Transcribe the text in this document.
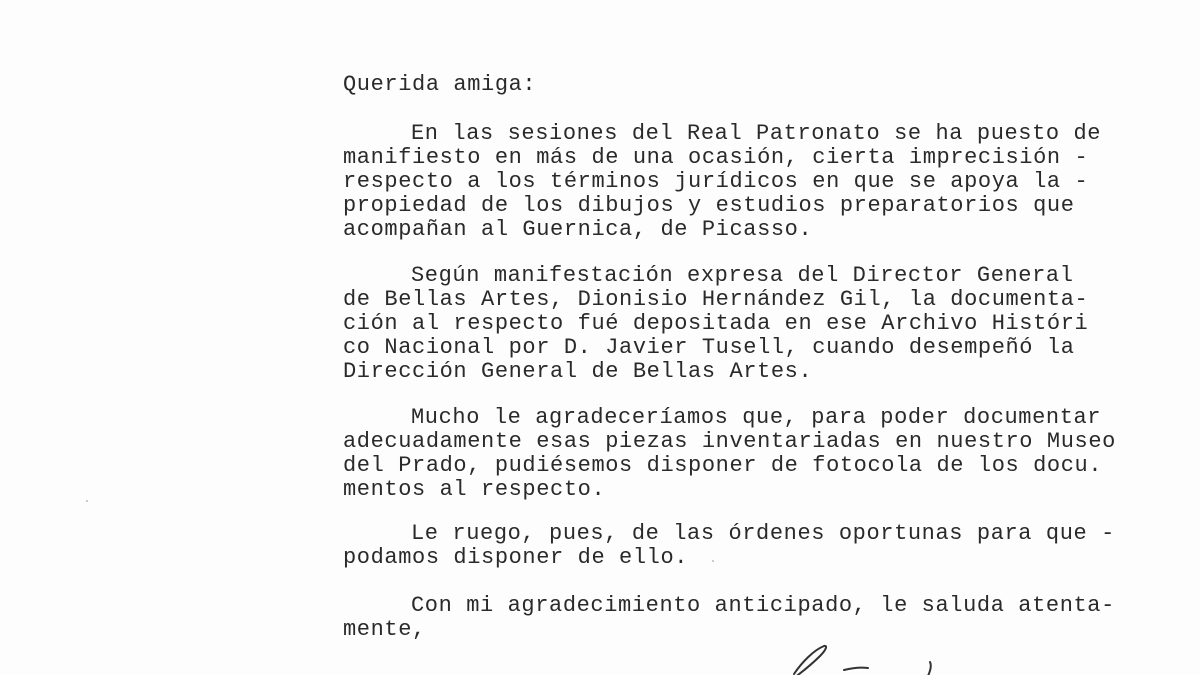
Querida amiga:
En las sesiones del Real Patronato se ha puesto de
manifiesto en más de una ocasión, cierta imprecisión -
respecto a los términos jurídicos en que se apoya la -
propiedad de los dibujos y estudios preparatorios que
acompañan al Guernica, de Picasso.
Según manifestación expresa del Director General
de Bellas Artes, Dionisio Hernández Gil, la documenta-
ción al respecto fué depositada en ese Archivo Históri
co Nacional por D. Javier Tusell, cuando desempeñó la
Dirección General de Bellas Artes.
Mucho le agradeceríamos que, para poder documentar
adecuadamente esas piezas inventariadas en nuestro Museo
del Prado, pudiésemos disponer de fotocola de los docu.
mentos al respecto.
Le ruego, pues, de las órdenes oportunas para que -
podamos disponer de ello.
Con mi agradecimiento anticipado, le saluda atenta-
mente,
